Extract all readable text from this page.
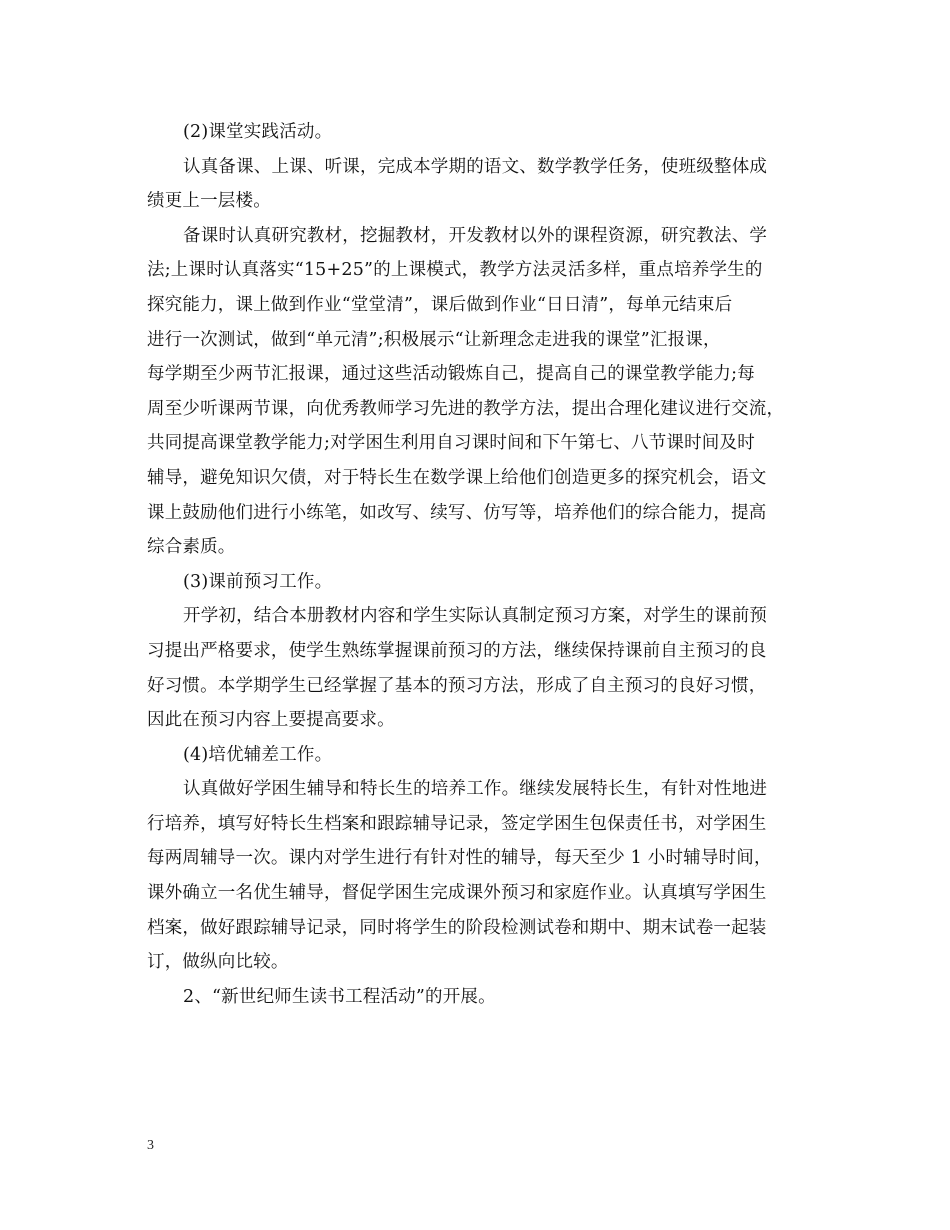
(2)课堂实践活动。
认真备课、上课、听课，完成本学期的语文、数学教学任务，使班级整体成
绩更上一层楼。
备课时认真研究教材，挖掘教材，开发教材以外的课程资源，研究教法、学
法;上课时认真落实“15+25”的上课模式，教学方法灵活多样，重点培养学生的
探究能力，课上做到作业“堂堂清”，课后做到作业“日日清”，每单元结束后
进行一次测试，做到“单元清”;积极展示“让新理念走进我的课堂”汇报课，
每学期至少两节汇报课，通过这些活动锻炼自己，提高自己的课堂教学能力;每
周至少听课两节课，向优秀教师学习先进的教学方法，提出合理化建议进行交流，
共同提高课堂教学能力;对学困生利用自习课时间和下午第七、八节课时间及时
辅导，避免知识欠债，对于特长生在数学课上给他们创造更多的探究机会，语文
课上鼓励他们进行小练笔，如改写、续写、仿写等，培养他们的综合能力，提高
综合素质。
(3)课前预习工作。
开学初，结合本册教材内容和学生实际认真制定预习方案，对学生的课前预
习提出严格要求，使学生熟练掌握课前预习的方法，继续保持课前自主预习的良
好习惯。本学期学生已经掌握了基本的预习方法，形成了自主预习的良好习惯，
因此在预习内容上要提高要求。
(4)培优辅差工作。
认真做好学困生辅导和特长生的培养工作。继续发展特长生，有针对性地进
行培养，填写好特长生档案和跟踪辅导记录，签定学困生包保责任书，对学困生
每两周辅导一次。课内对学生进行有针对性的辅导，每天至少 1 小时辅导时间，
课外确立一名优生辅导，督促学困生完成课外预习和家庭作业。认真填写学困生
档案，做好跟踪辅导记录，同时将学生的阶段检测试卷和期中、期末试卷一起装
订，做纵向比较。
2、“新世纪师生读书工程活动”的开展。
3
